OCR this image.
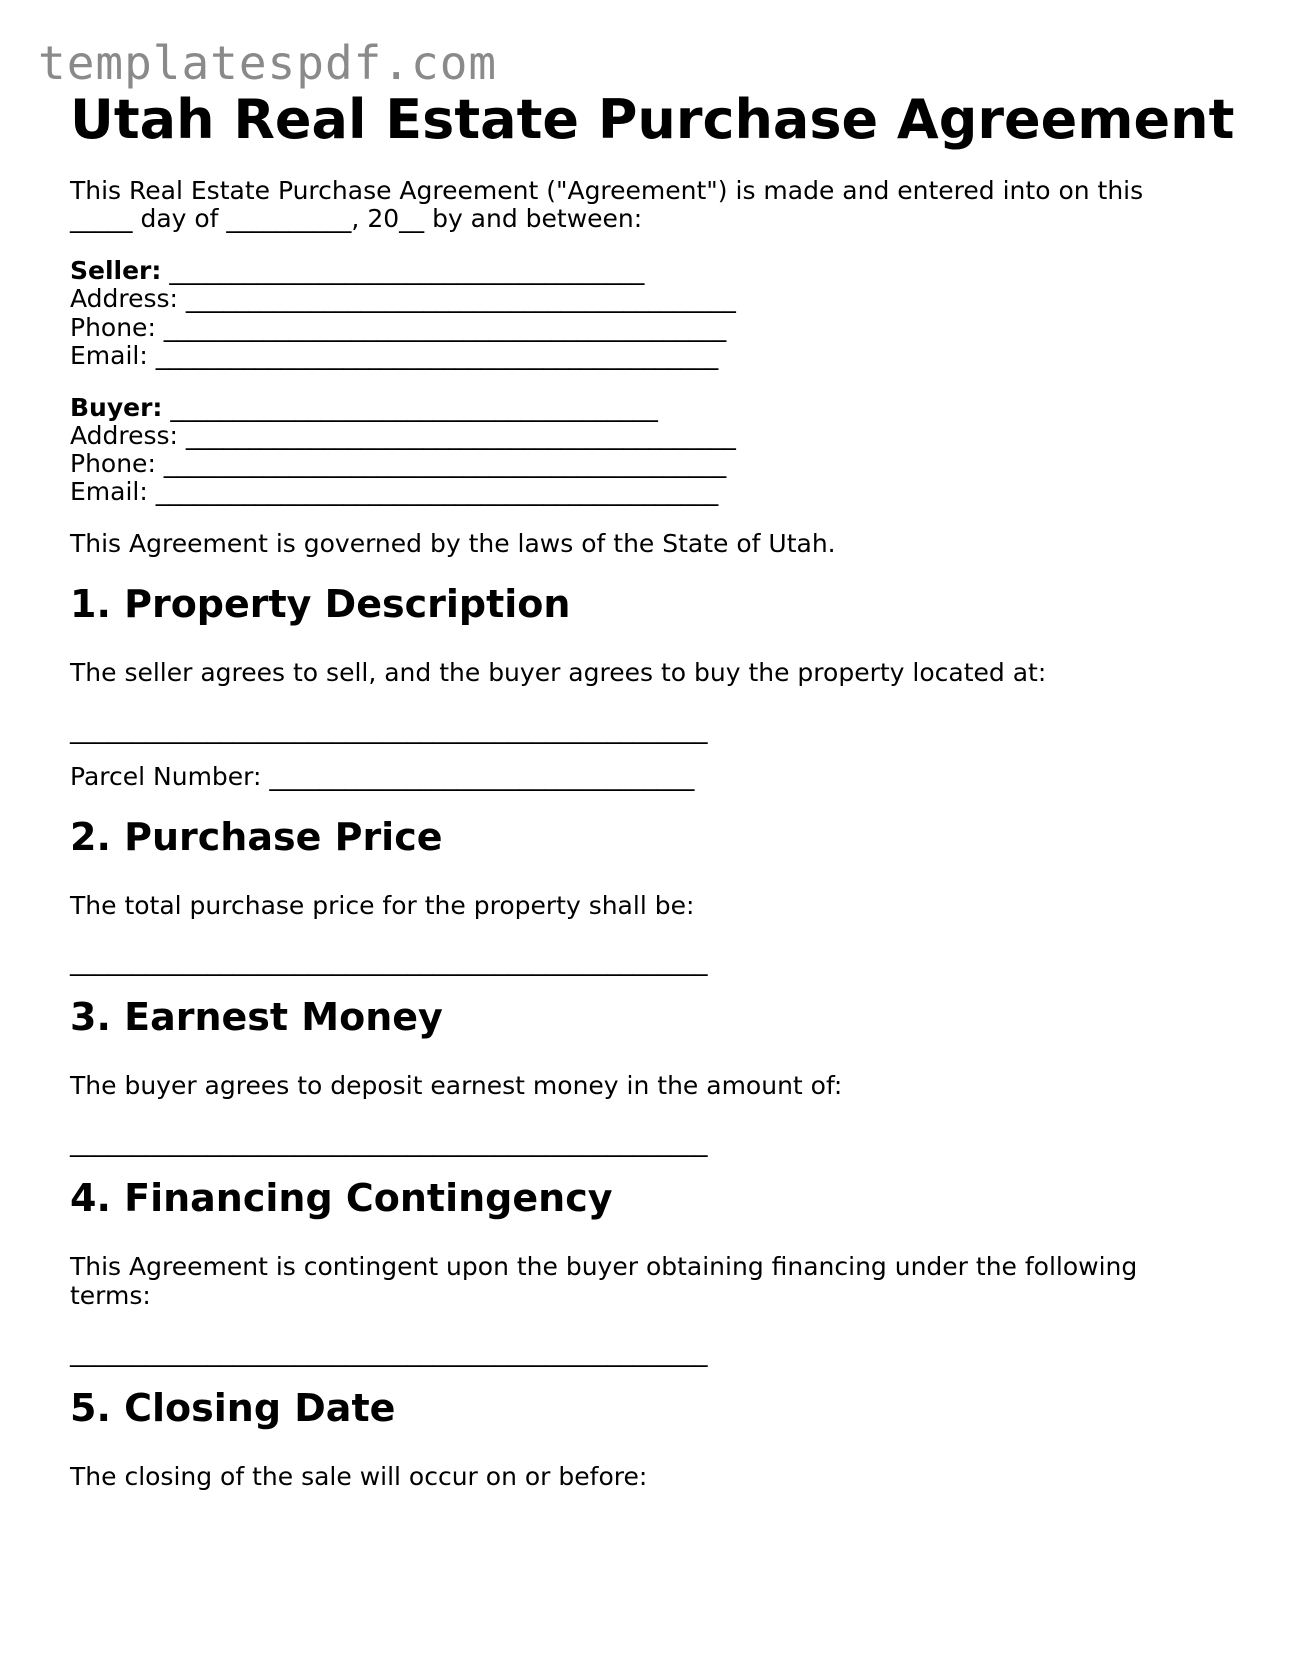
templatespdf.com
Utah Real Estate Purchase Agreement
This Real Estate Purchase Agreement ("Agreement") is made and entered into on this
_____ day of __________, 20__ by and between:
Seller: ______________________________________
Address: ____________________________________________
Phone: _____________________________________________
Email: _____________________________________________
Buyer: _______________________________________
Address: ____________________________________________
Phone: _____________________________________________
Email: _____________________________________________
This Agreement is governed by the laws of the State of Utah.
1. Property Description
The seller agrees to sell, and the buyer agrees to buy the property located at:
___________________________________________________
Parcel Number: __________________________________
2. Purchase Price
The total purchase price for the property shall be:
___________________________________________________
3. Earnest Money
The buyer agrees to deposit earnest money in the amount of:
___________________________________________________
4. Financing Contingency
This Agreement is contingent upon the buyer obtaining financing under the following
terms:
___________________________________________________
5. Closing Date
The closing of the sale will occur on or before:
